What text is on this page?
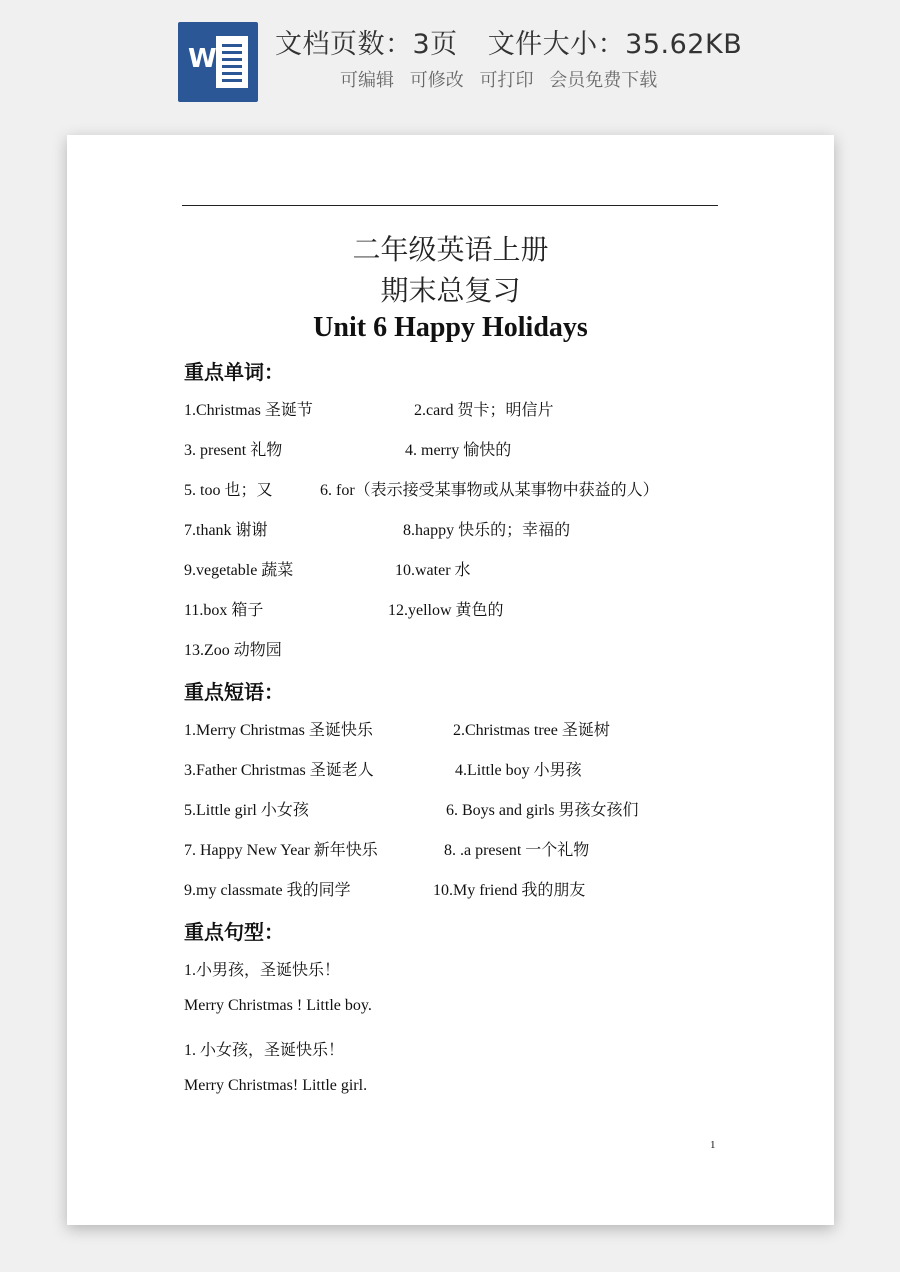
W 文档页数：3页 文件大小：35.62KB
可编辑 可修改 可打印 会员免费下载
二年级英语上册
期末总复习
Unit 6 Happy Holidays
重点单词：
1.Christmas 圣诞节	2.card 贺卡；明信片
3. present 礼物	4. merry 愉快的
5. too 也；又	6. for（表示接受某事物或从某事物中获益的人）
7.thank 谢谢	8.happy 快乐的；幸福的
9.vegetable 蔬菜	10.water 水
11.box 箱子	12.yellow 黄色的
13.Zoo 动物园
重点短语：
1.Merry Christmas 圣诞快乐	2.Christmas tree 圣诞树
3.Father Christmas 圣诞老人	4.Little boy 小男孩
5.Little girl 小女孩	6. Boys and girls 男孩女孩们
7. Happy New Year 新年快乐	8. .a present 一个礼物
9.my classmate 我的同学	10.My friend 我的朋友
重点句型：
1.小男孩，圣诞快乐！
Merry Christmas ! Little boy.
1. 小女孩，圣诞快乐！
Merry Christmas! Little girl.
1
